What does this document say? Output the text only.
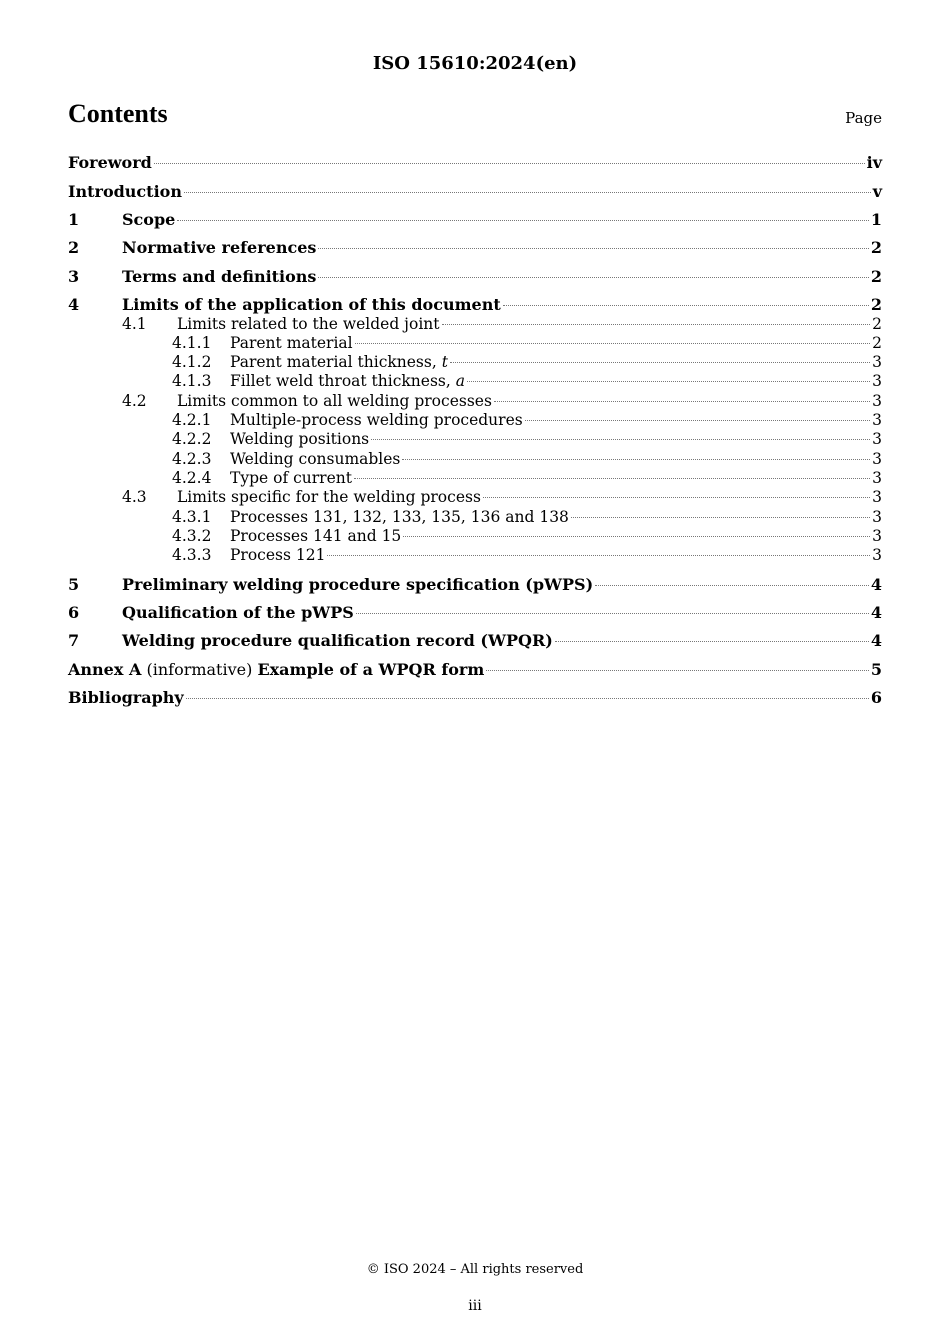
ISO 15610:2024(en)
Contents	Page
Foreword	iv
Introduction	v
1	Scope	1
2	Normative references	2
3	Terms and definitions	2
4	Limits of the application of this document	2
4.1	Limits related to the welded joint	2
4.1.1	Parent material	2
4.1.2	Parent material thickness, t	3
4.1.3	Fillet weld throat thickness, a	3
4.2	Limits common to all welding processes	3
4.2.1	Multiple-process welding procedures	3
4.2.2	Welding positions	3
4.2.3	Welding consumables	3
4.2.4	Type of current	3
4.3	Limits specific for the welding process	3
4.3.1	Processes 131, 132, 133, 135, 136 and 138	3
4.3.2	Processes 141 and 15	3
4.3.3	Process 121	3
5	Preliminary welding procedure specification (pWPS)	4
6	Qualification of the pWPS	4
7	Welding procedure qualification record (WPQR)	4
Annex A (informative) Example of a WPQR form	5
Bibliography	6
© ISO 2024 – All rights reserved
iii
